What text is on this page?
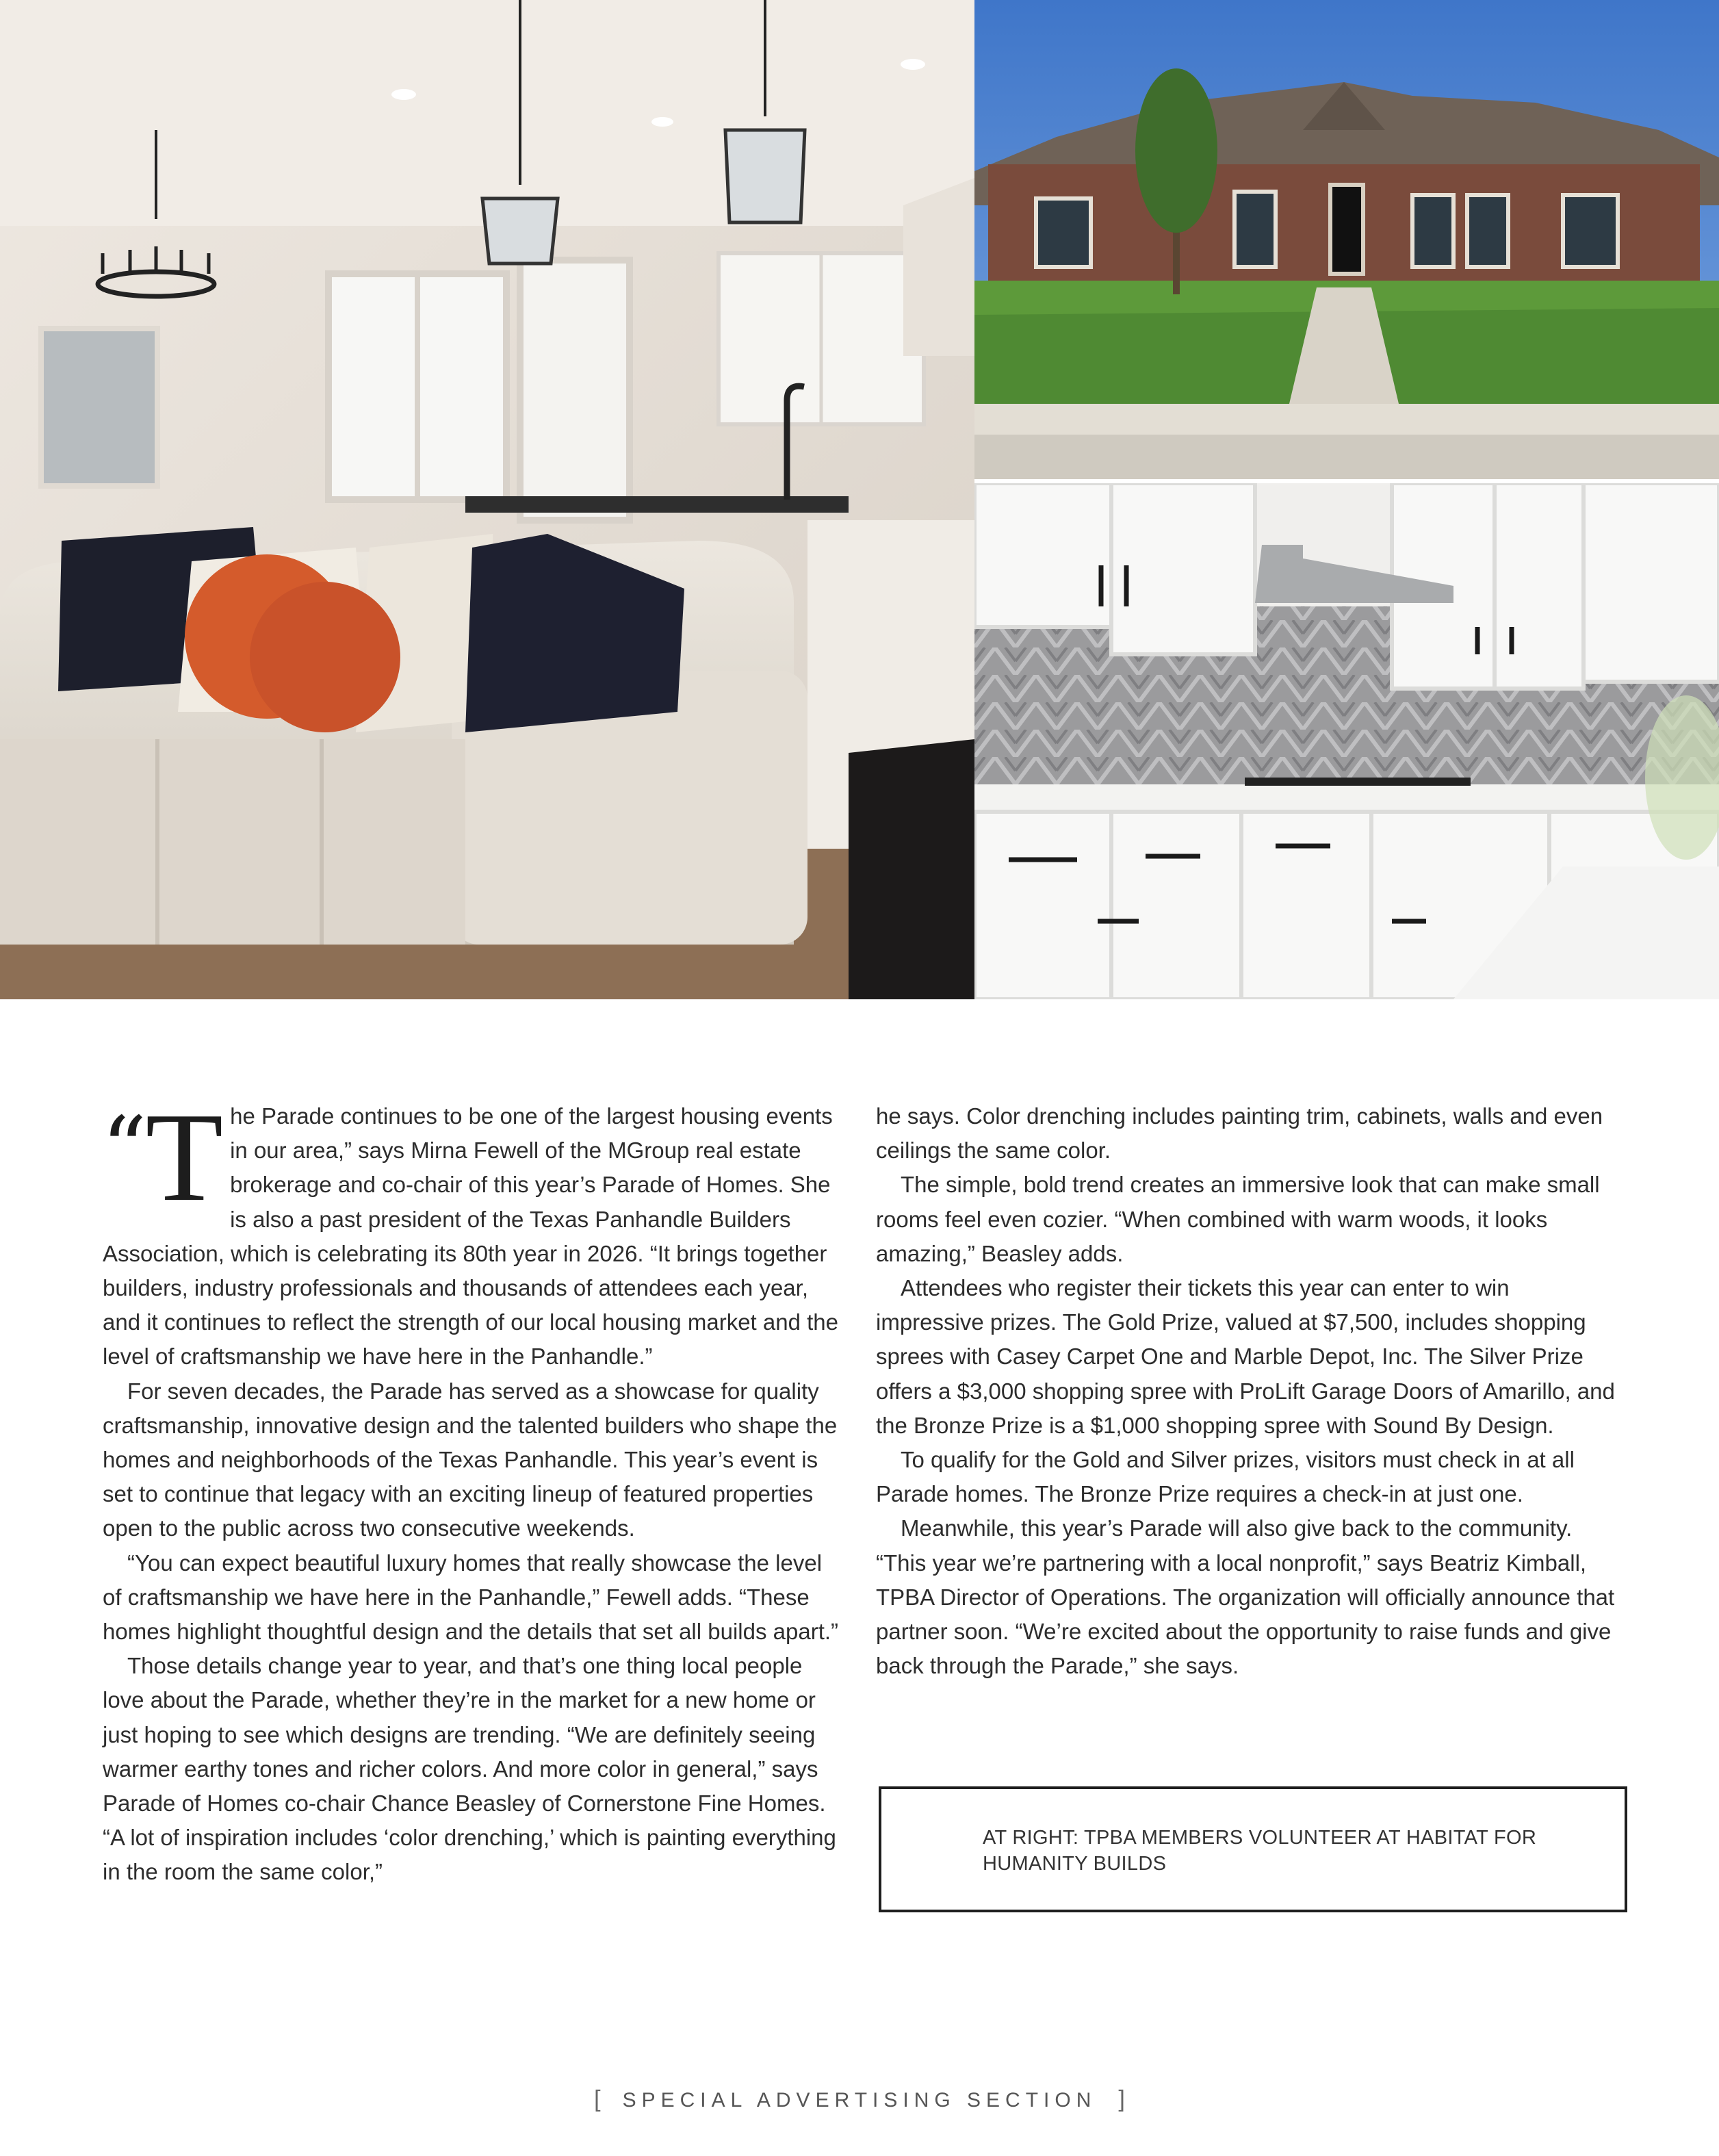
“T he Parade continues to be one of the largest housing events in our area,” says Mirna Fewell of the MGroup real estate brokerage and co-chair of this year’s Parade of Homes. She is also a past president of the Texas Panhandle Builders Association, which is celebrating its 80th year in 2026. “It brings together builders, industry professionals and thousands of attendees each year, and it continues to reflect the strength of our local housing market and the level of craftsmanship we have here in the Panhandle.”

For seven decades, the Parade has served as a showcase for quality craftsmanship, innovative design and the talented builders who shape the homes and neighborhoods of the Texas Panhandle. This year’s event is set to continue that legacy with an exciting lineup of featured properties open to the public across two consecutive weekends.

“You can expect beautiful luxury homes that really showcase the level of craftsmanship we have here in the Panhandle,” Fewell adds. “These homes highlight thoughtful design and the details that set all builds apart.”

Those details change year to year, and that’s one thing local people love about the Parade, whether they’re in the market for a new home or just hoping to see which designs are trending. “We are definitely seeing warmer earthy tones and richer colors. And more color in general,” says Parade of Homes co-chair Chance Beasley of Cornerstone Fine Homes. “A lot of inspiration includes ‘color drenching,’ which is painting everything in the room the same color,”

he says. Color drenching includes painting trim, cabinets, walls and even ceilings the same color.

The simple, bold trend creates an immersive look that can make small rooms feel even cozier. “When combined with warm woods, it looks amazing,” Beasley adds.

Attendees who register their tickets this year can enter to win impressive prizes. The Gold Prize, valued at $7,500, includes shopping sprees with Casey Carpet One and Marble Depot, Inc. The Silver Prize offers a $3,000 shopping spree with ProLift Garage Doors of Amarillo, and the Bronze Prize is a $1,000 shopping spree with Sound By Design.

To qualify for the Gold and Silver prizes, visitors must check in at all Parade homes. The Bronze Prize requires a check-in at just one.

Meanwhile, this year’s Parade will also give back to the community. “This year we’re partnering with a local nonprofit,” says Beatriz Kimball, TPBA Director of Operations. The organization will officially announce that partner soon. “We’re excited about the opportunity to raise funds and give back through the Parade,” she says.

AT RIGHT: TPBA MEMBERS VOLUNTEER AT HABITAT FOR HUMANITY BUILDS
[ SPECIAL ADVERTISING SECTION ]
